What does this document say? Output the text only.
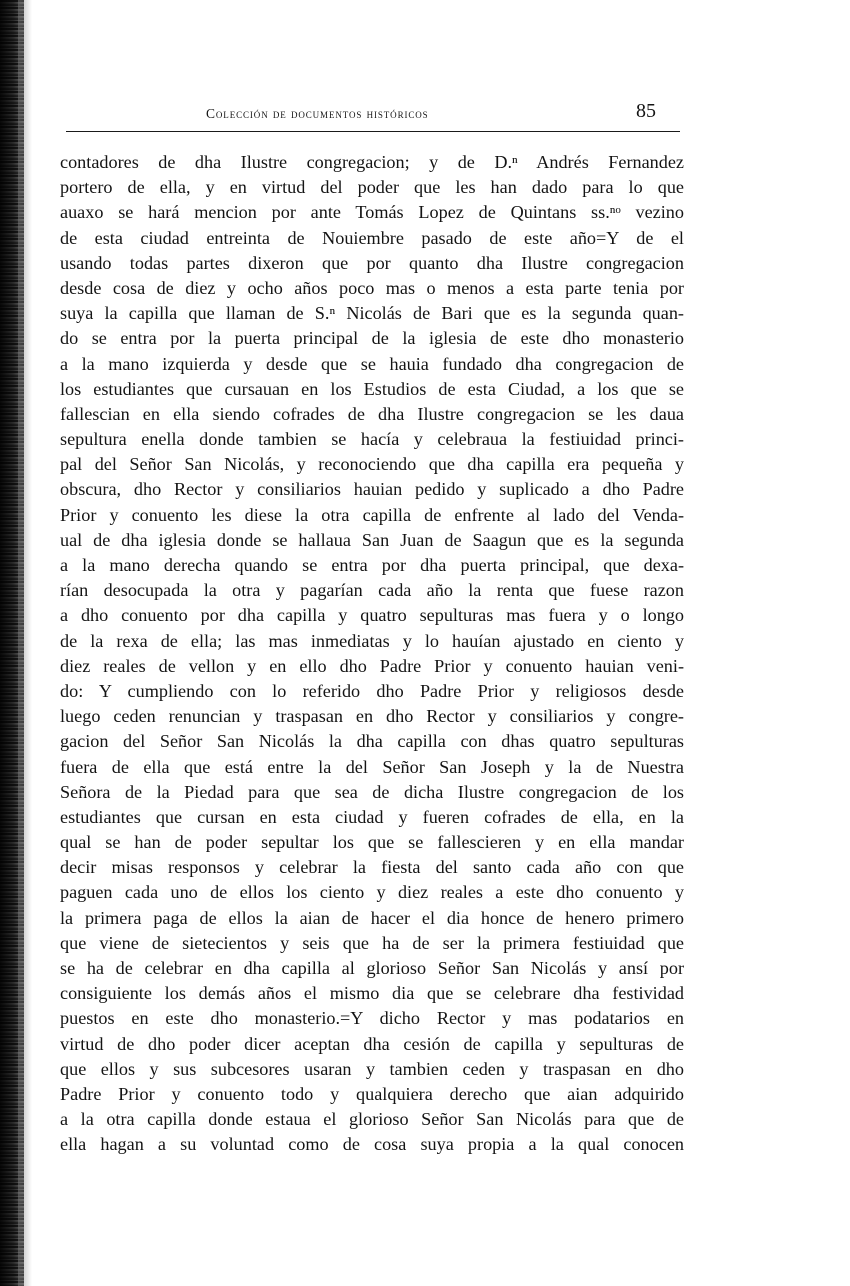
Colección de documentos históricos	85
contadores de dha Ilustre congregacion; y de D.ⁿ Andrés Fernandez
portero de ella, y en virtud del poder que les han dado para lo que
auaxo se hará mencion por ante Tomás Lopez de Quintans ss.ⁿᵒ vezino
de esta ciudad entreinta de Nouiembre pasado de este año=Y de el
usando todas partes dixeron que por quanto dha Ilustre congregacion
desde cosa de diez y ocho años poco mas o menos a esta parte tenia por
suya la capilla que llaman de S.ⁿ Nicolás de Bari que es la segunda quan-
do se entra por la puerta principal de la iglesia de este dho monasterio
a la mano izquierda y desde que se hauia fundado dha congregacion de
los estudiantes que cursauan en los Estudios de esta Ciudad, a los que se
fallescian en ella siendo cofrades de dha Ilustre congregacion se les daua
sepultura enella donde tambien se hacía y celebraua la festiuidad princi-
pal del Señor San Nicolás, y reconociendo que dha capilla era pequeña y
obscura, dho Rector y consiliarios hauian pedido y suplicado a dho Padre
Prior y conuento les diese la otra capilla de enfrente al lado del Venda-
ual de dha iglesia donde se hallaua San Juan de Saagun que es la segunda
a la mano derecha quando se entra por dha puerta principal, que dexa-
rían desocupada la otra y pagarían cada año la renta que fuese razon
a dho conuento por dha capilla y quatro sepulturas mas fuera y o longo
de la rexa de ella; las mas inmediatas y lo hauían ajustado en ciento y
diez reales de vellon y en ello dho Padre Prior y conuento hauian veni-
do: Y cumpliendo con lo referido dho Padre Prior y religiosos desde
luego ceden renuncian y traspasan en dho Rector y consiliarios y congre-
gacion del Señor San Nicolás la dha capilla con dhas quatro sepulturas
fuera de ella que está entre la del Señor San Joseph y la de Nuestra
Señora de la Piedad para que sea de dicha Ilustre congregacion de los
estudiantes que cursan en esta ciudad y fueren cofrades de ella, en la
qual se han de poder sepultar los que se fallescieren y en ella mandar
decir misas responsos y celebrar la fiesta del santo cada año con que
paguen cada uno de ellos los ciento y diez reales a este dho conuento y
la primera paga de ellos la aian de hacer el dia honce de henero primero
que viene de sietecientos y seis que ha de ser la primera festiuidad que
se ha de celebrar en dha capilla al glorioso Señor San Nicolás y ansí por
consiguiente los demás años el mismo dia que se celebrare dha festividad
puestos en este dho monasterio.=Y dicho Rector y mas podatarios en
virtud de dho poder dicer aceptan dha cesión de capilla y sepulturas de
que ellos y sus subcesores usaran y tambien ceden y traspasan en dho
Padre Prior y conuento todo y qualquiera derecho que aian adquirido
a la otra capilla donde estaua el glorioso Señor San Nicolás para que de
ella hagan a su voluntad como de cosa suya propia a la qual conocen
